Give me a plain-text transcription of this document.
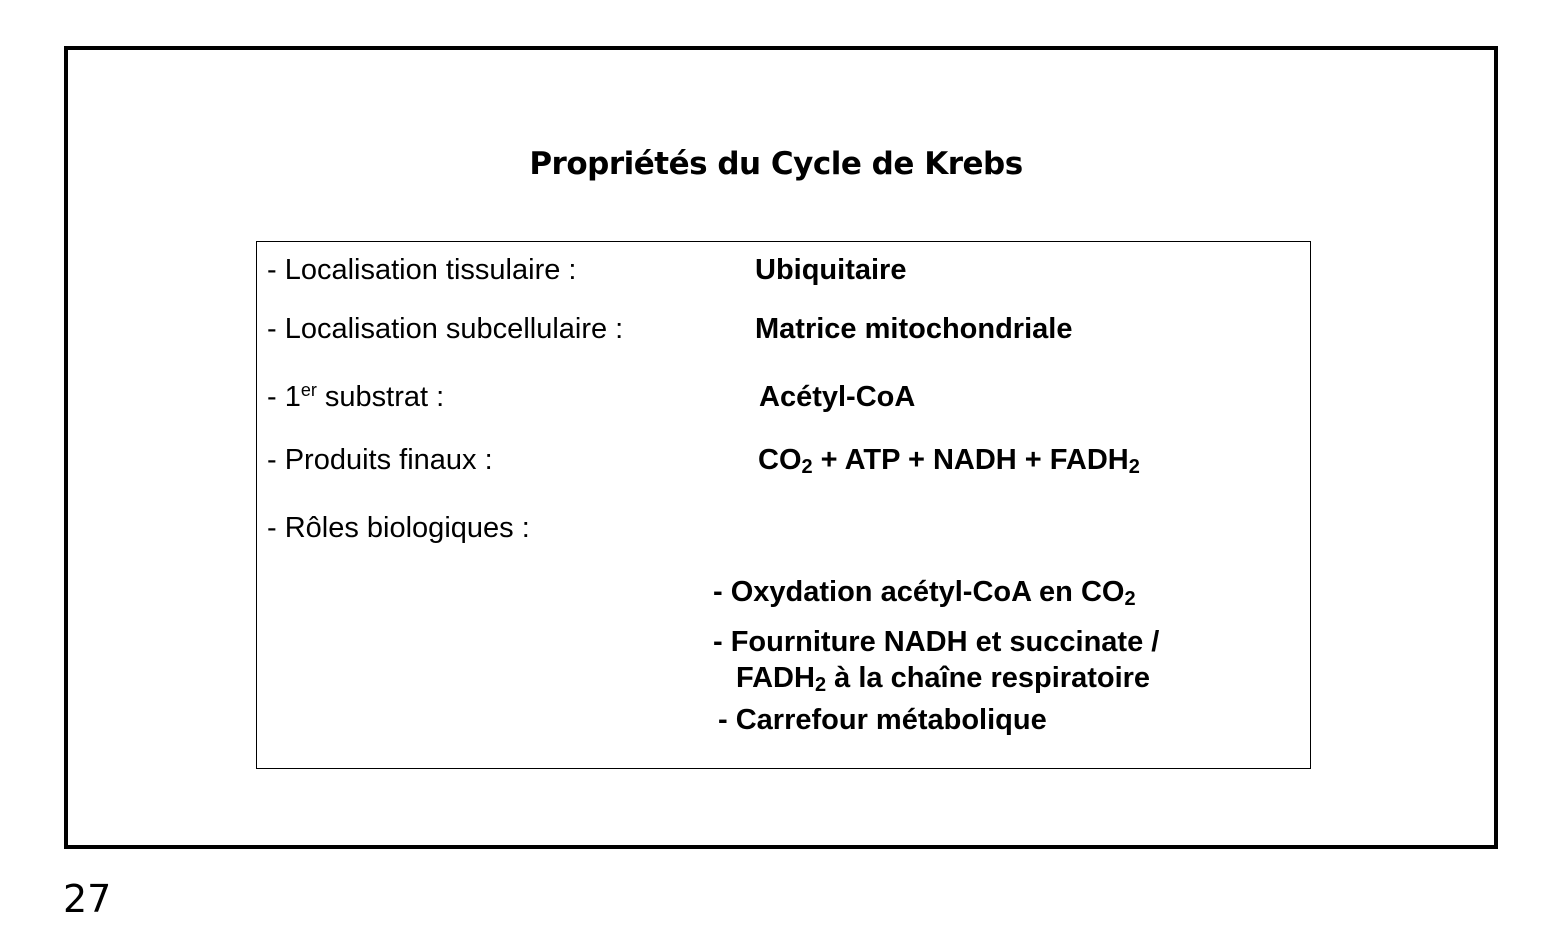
Propriétés du Cycle de Krebs
- Localisation tissulaire :	Ubiquitaire
- Localisation subcellulaire :	Matrice mitochondriale
- 1er substrat :	Acétyl-CoA
- Produits finaux :	$CO_2$ + ATP + NADH + $FADH_2$
- Rôles biologiques :
- Oxydation acétyl-CoA en $CO_2$
- Fourniture NADH et succinate /
$FADH_2$ à la chaîne respiratoire
- Carrefour métabolique
27
